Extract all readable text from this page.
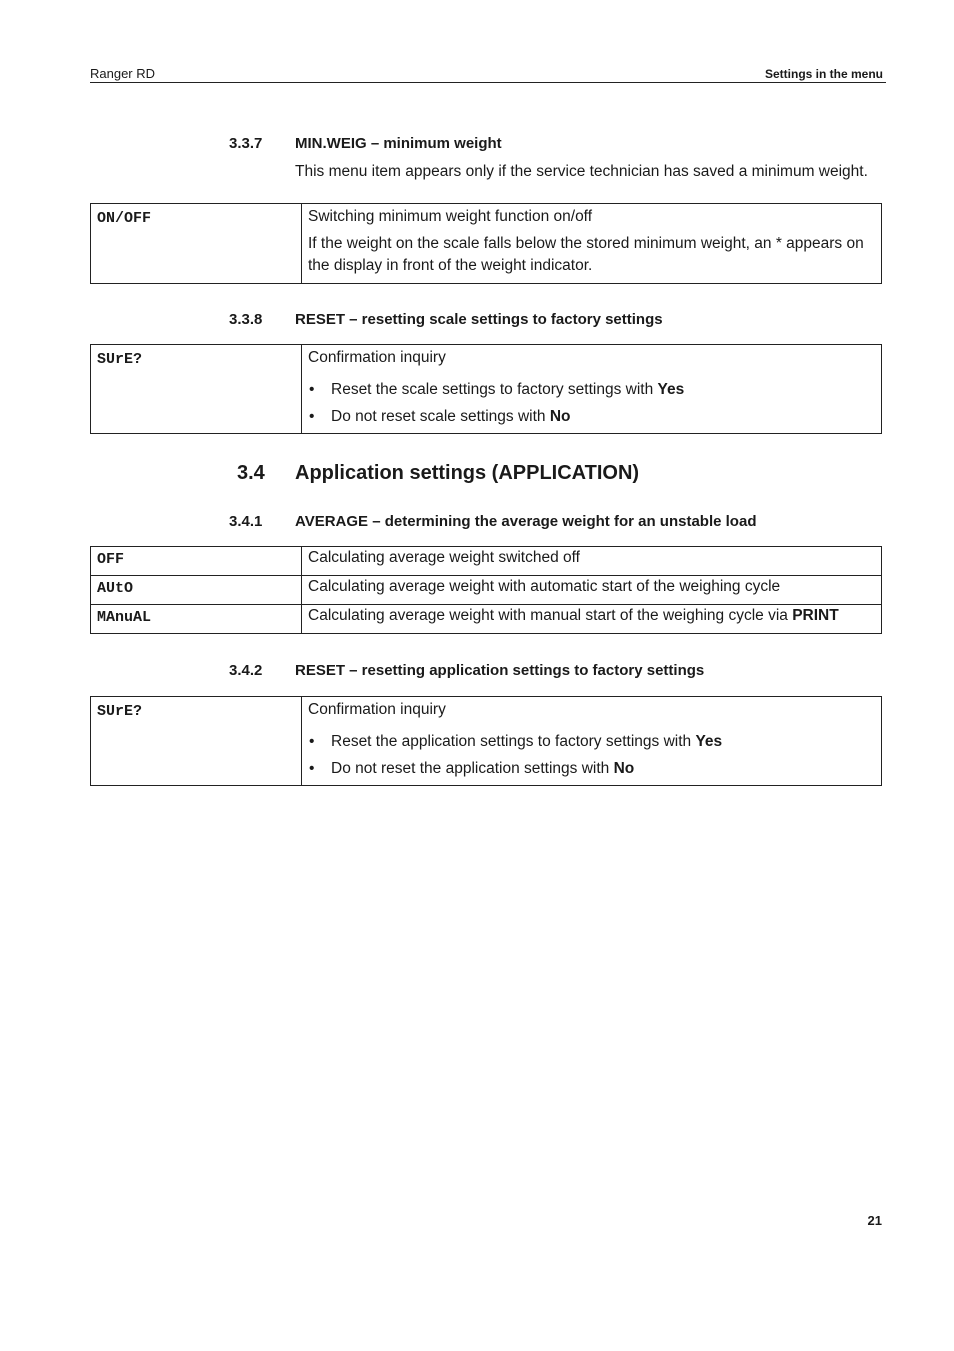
Ranger RD	Settings in the menu
3.3.7	MIN.WEIG – minimum weight
This menu item appears only if the service technician has saved a minimum weight.
ON/OFF	Switching minimum weight function on/off
If the weight on the scale falls below the stored minimum weight, an * appears on the display in front of the weight indicator.
3.3.8	RESET – resetting scale settings to factory settings
SUrE?	Confirmation inquiry
• Reset the scale settings to factory settings with Yes
• Do not reset scale settings with No
3.4 Application settings (APPLICATION)
3.4.1	AVERAGE – determining the average weight for an unstable load
OFF	Calculating average weight switched off
AUtO	Calculating average weight with automatic start of the weighing cycle
MAnuAL	Calculating average weight with manual start of the weighing cycle via PRINT
3.4.2	RESET – resetting application settings to factory settings
SUrE?	Confirmation inquiry
• Reset the application settings to factory settings with Yes
• Do not reset the application settings with No
21
